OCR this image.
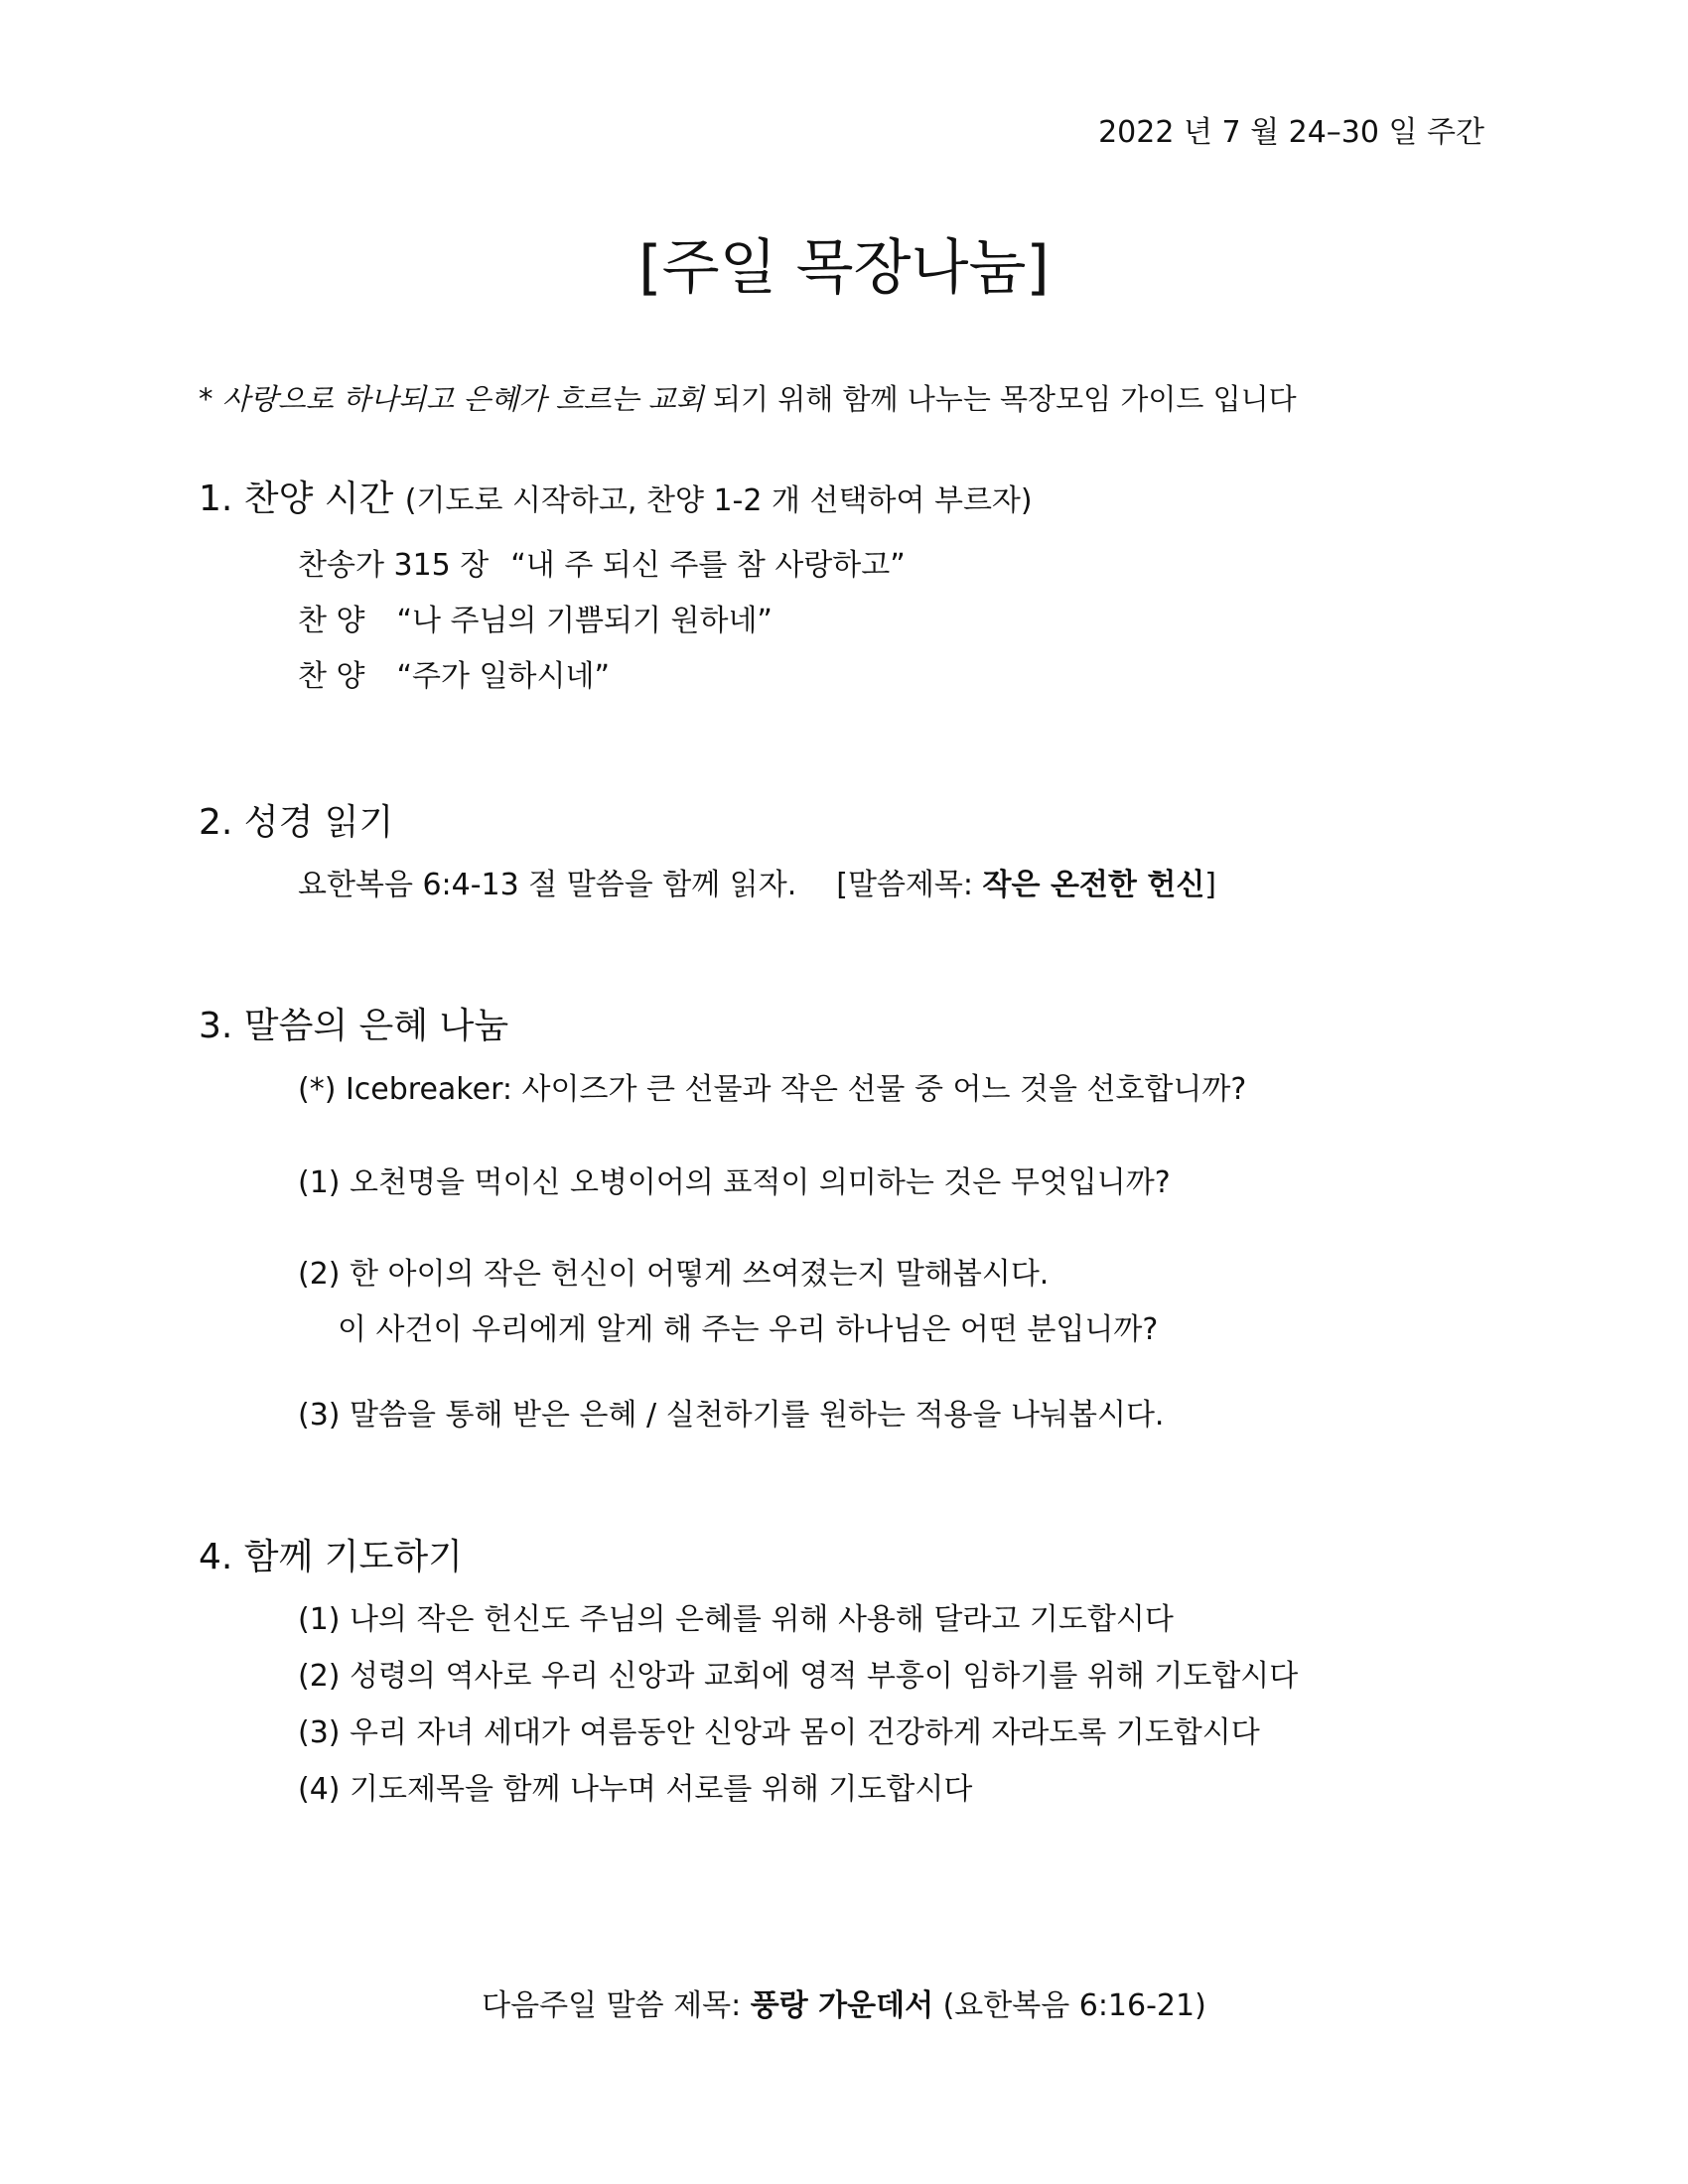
2022 년 7 월 24–30 일 주간
[주일 목장나눔]
* 사랑으로 하나되고 은혜가 흐르는 교회 되기 위해 함께 나누는 목장모임 가이드 입니다
1. 찬양 시간 (기도로 시작하고, 찬양 1-2 개 선택하여 부르자)
찬송가 315 장 “내 주 되신 주를 참 사랑하고”
찬 양 “나 주님의 기쁨되기 원하네”
찬 양 “주가 일하시네”
2. 성경 읽기
요한복음 6:4-13 절 말씀을 함께 읽자. [말씀제목: 작은 온전한 헌신]
3. 말씀의 은혜 나눔
(*) Icebreaker: 사이즈가 큰 선물과 작은 선물 중 어느 것을 선호합니까?
(1) 오천명을 먹이신 오병이어의 표적이 의미하는 것은 무엇입니까?
(2) 한 아이의 작은 헌신이 어떻게 쓰여졌는지 말해봅시다.
이 사건이 우리에게 알게 해 주는 우리 하나님은 어떤 분입니까?
(3) 말씀을 통해 받은 은혜 / 실천하기를 원하는 적용을 나눠봅시다.
4. 함께 기도하기
(1) 나의 작은 헌신도 주님의 은혜를 위해 사용해 달라고 기도합시다
(2) 성령의 역사로 우리 신앙과 교회에 영적 부흥이 임하기를 위해 기도합시다
(3) 우리 자녀 세대가 여름동안 신앙과 몸이 건강하게 자라도록 기도합시다
(4) 기도제목을 함께 나누며 서로를 위해 기도합시다
다음주일 말씀 제목: 풍랑 가운데서 (요한복음 6:16-21)
